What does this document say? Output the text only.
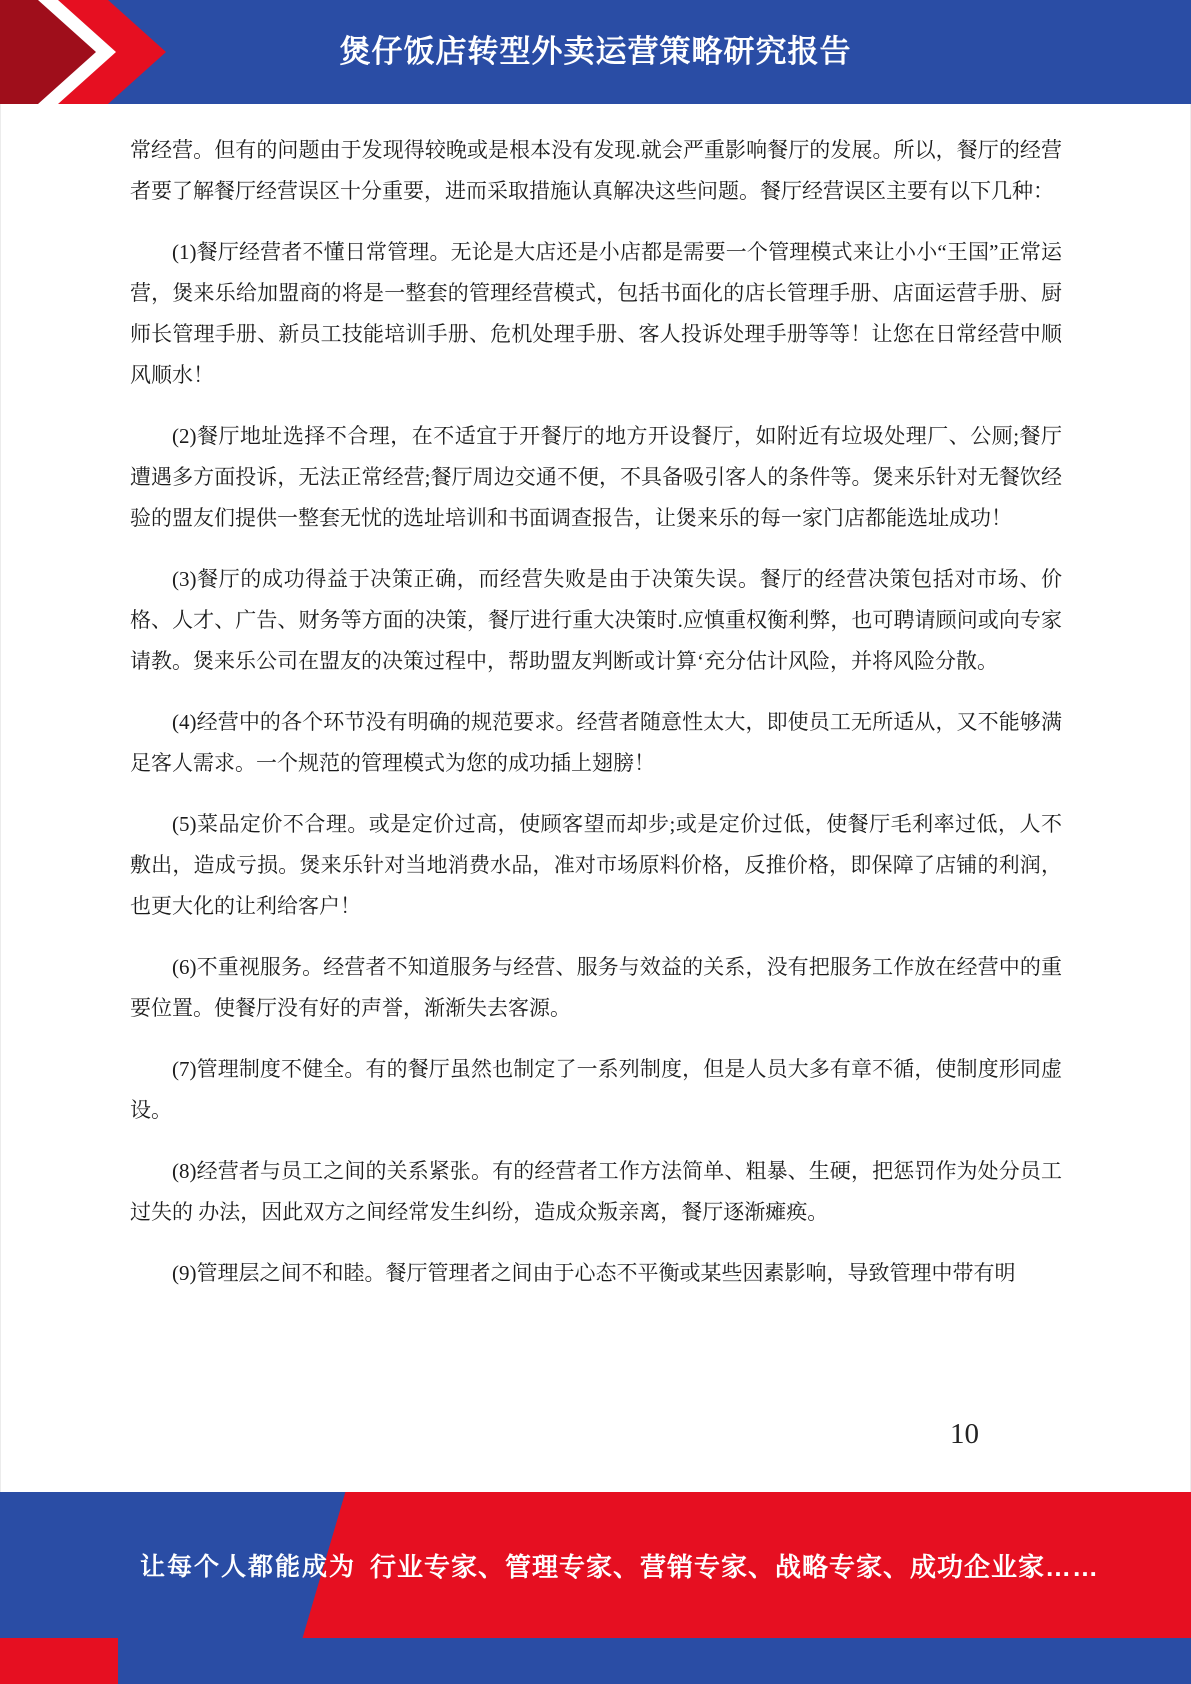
煲仔饭店转型外卖运营策略研究报告

常经营。但有的问题由于发现得较晚或是根本没有发现.就会严重影响餐厅的发展。所以，餐厅的经营者要了解餐厅经营误区十分重要，进而采取措施认真解决这些问题。餐厅经营误区主要有以下几种：

(1)餐厅经营者不懂日常管理。无论是大店还是小店都是需要一个管理模式来让小小“王国”正常运营，煲来乐给加盟商的将是一整套的管理经营模式，包括书面化的店长管理手册、店面运营手册、厨师长管理手册、新员工技能培训手册、危机处理手册、客人投诉处理手册等等！让您在日常经营中顺风顺水！

(2)餐厅地址选择不合理，在不适宜于开餐厅的地方开设餐厅，如附近有垃圾处理厂、公厕;餐厅遭遇多方面投诉，无法正常经营;餐厅周边交通不便，不具备吸引客人的条件等。煲来乐针对无餐饮经验的盟友们提供一整套无忧的选址培训和书面调查报告，让煲来乐的每一家门店都能选址成功！

(3)餐厅的成功得益于决策正确，而经营失败是由于决策失误。餐厅的经营决策包括对市场、价格、人才、广告、财务等方面的决策，餐厅进行重大决策时.应慎重权衡利弊，也可聘请顾问或向专家请教。煲来乐公司在盟友的决策过程中，帮助盟友判断或计算‘充分估计风险，并将风险分散。

(4)经营中的各个环节没有明确的规范要求。经营者随意性太大，即使员工无所适从，又不能够满足客人需求。一个规范的管理模式为您的成功插上翅膀！

(5)菜品定价不合理。或是定价过高，使顾客望而却步;或是定价过低，使餐厅毛利率过低，人不敷出，造成亏损。煲来乐针对当地消费水品，准对市场原料价格，反推价格，即保障了店铺的利润，也更大化的让利给客户！

(6)不重视服务。经营者不知道服务与经营、服务与效益的关系，没有把服务工作放在经营中的重要位置。使餐厅没有好的声誉，渐渐失去客源。

(7)管理制度不健全。有的餐厅虽然也制定了一系列制度，但是人员大多有章不循，使制度形同虚设。

(8)经营者与员工之间的关系紧张。有的经营者工作方法简单、粗暴、生硬，把惩罚作为处分员工过失的 办法，因此双方之间经常发生纠纷，造成众叛亲离，餐厅逐渐瘫痪。

(9)管理层之间不和睦。餐厅管理者之间由于心态不平衡或某些因素影响，导致管理中带有明

10
让每个人都能成为 行业专家、管理专家、营销专家、战略专家、成功企业家……
